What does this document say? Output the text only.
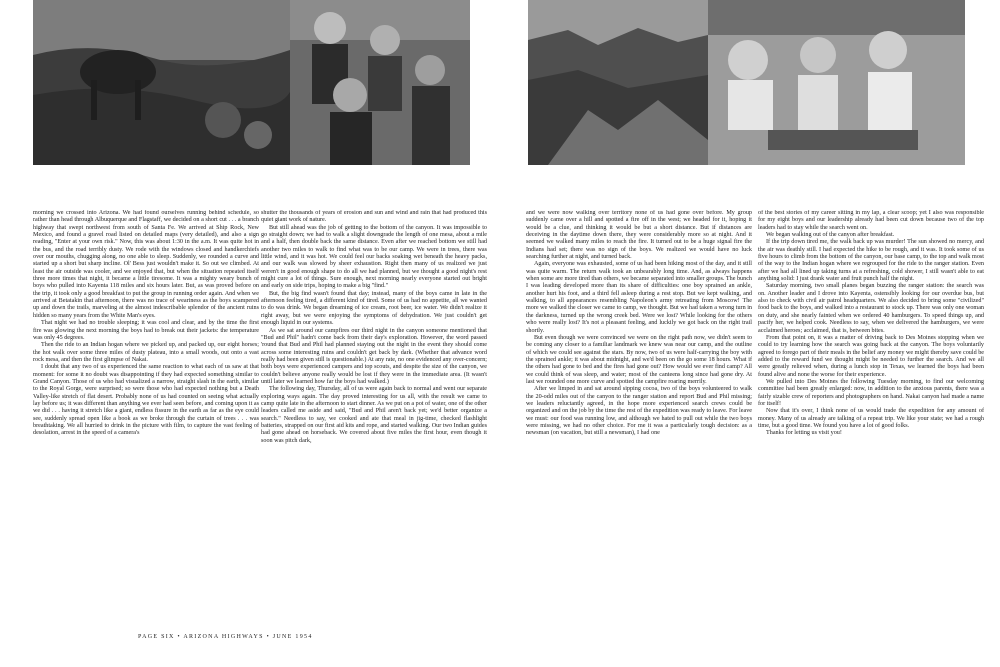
morning we crossed into Arizona. We had found ourselves running behind schedule, so rather than head through Albuquerque and Flagstaff, we decided on a short cut . . . a branch highway that swept northwest from south of Santa Fe. We arrived at Ship Rock, New Mexico, and found a gravel road listed on detailed maps (very detailed), and also a sign reading, "Enter at your own risk." Now, this was about 1:30 in the a.m. It was quite hot in the bus, and the road terribly dusty. We rode with the windows closed and handkerchiefs over our mouths, chugging along, no one able to sleep. Suddenly, we rounded a curve and started up a short but sharp incline. Ol' Bess just wouldn't make it. So out we climbed. At least the air outside was cooler, and we enjoyed that, but when the situation repeated itself three more times that night, it became a little tiresome. It was a mighty weary bunch of boys who pulled into Kayenta 118 miles and six hours later. But, as was proved before on the trip, it took only a good breakfast to put the group in running order again. And when we arrived at Betatakin that afternoon, there was no trace of weariness as the boys scampered up and down the trails, marveling at the almost indescribable splendor of the ancient ruins hidden so many years from the White Man's eyes.

That night we had no trouble sleeping; it was cool and clear, and by the time the first fire was glowing the next morning the boys had to break out their jackets: the temperature was only 45 degrees.

Then the ride to an Indian hogan where we picked up, and packed up, our eight horses; the hot walk over some three miles of dusty plateau, into a small woods, out onto a vast rock mesa, and then the first glimpse of Nakai.

I doubt that any two of us experienced the same reaction to what each of us saw at that moment: for some it no doubt was disappointing if they had expected something similar to Grand Canyon. Those of us who had visualized a narrow, straight slash in the earth, similar to the Royal Gorge, were surprised; so were those who had expected nothing but a Death Valley-like stretch of flat desert. Probably none of us had counted on seeing what actually lay before us; it was different than anything we ever had seen before, and coming upon it as we did . . . having it stretch like a giant, endless fissure in the earth as far as the eye could see, suddenly spread open like a book as we broke through the curtain of trees . . . was breathtaking. We all hurried to drink in the picture with film, to capture the vast feeling of desolation, arrest in the speed of a camera's

shutter the thousands of years of erosion and sun and wind and rain that had produced this quiet giant work of nature.

But still ahead was the job of getting to the bottom of the canyon. It was impossible to go straight down; we had to walk a slight downgrade the length of one mesa, about a mile and a half, then double back the same distance. Even after we reached bottom we still had another two miles to walk to find what was to be our camp. We were in trees, there was little wind, and it was hot. We could feel our backs soaking wet beneath the heavy packs, and our walk was slowed by sheer exhaustion. Right then many of us realized we just weren't in good enough shape to do all we had planned, but we thought a good night's rest might cure a lot of things. Sure enough, next morning nearly everyone started out bright and early on side trips, hoping to make a big "find."

But, the big find wasn't found that day; instead, many of the boys came in late in the afternoon feeling tired, a different kind of tired. Some of us had no appetite, all we wanted to do was drink. We began dreaming of ice cream, root beer, ice water. We didn't realize it right away, but we were enjoying the symptoms of dehydration. We just couldn't get enough liquid in our systems.

As we sat around our campfires our third night in the canyon someone mentioned that "Bud and Phil" hadn't come back from their day's exploration. However, the word passed 'round that Bud and Phil had planned staying out the night in the event they should come across some interesting ruins and couldn't get back by dark. (Whether that advance word really had been given still is questionable.) At any rate, no one evidenced any over-concern; both boys were experienced campers and top scouts, and despite the size of the canyon, we couldn't believe anyone really would be lost if they were in the immediate area. (It wasn't until later we learned how far the boys had walked.)

The following day, Thursday, all of us were again back to normal and went our separate exploring ways again. The day proved interesting for us all, with the result we came to camp quite late in the afternoon to start dinner. As we put on a pot of water, one of the other leaders called me aside and said, "Bud and Phil aren't back yet; we'd better organize a search." Needless to say, we cooked and ate that meal in jig-time, checked flashlight batteries, strapped on our first aid kits and rope, and started walking. Our two Indian guides had gone ahead on horseback. We covered about five miles the first hour, even though it soon was pitch dark,

and we were now walking over territory none of us had gone over before. My group suddenly came over a hill and spotted a fire off in the west; we headed for it, hoping it would be a clue, and thinking it would be but a short distance. But if distances are deceiving in the daytime down there, they were considerably more so at night. And it seemed we walked many miles to reach the fire. It turned out to be a huge signal fire the Indians had set; there was no sign of the boys. We realized we would have no luck searching further at night, and turned back.

Again, everyone was exhausted, some of us had been hiking most of the day, and it still was quite warm. The return walk took an unbearably long time. And, as always happens when some are more tired than others, we became separated into smaller groups. The bunch I was leading developed more than its share of difficulties: one boy sprained an ankle, another hurt his foot, and a third fell asleep during a rest stop. But we kept walking, and walking, to all appearances resembling Napoleon's army retreating from Moscow! The more we walked the closer we came to camp, we thought. But we had taken a wrong turn in the darkness, turned up the wrong creek bed. Were we lost? While looking for the others who were really lost? It's not a pleasant feeling, and luckily we got back on the right trail shortly.

But even though we were convinced we were on the right path now, we didn't seem to be coming any closer to a familiar landmark we knew was near our camp, and the outline of which we could see against the stars. By now, two of us were half-carrying the boy with the sprained ankle; it was about midnight, and we'd been on the go some 18 hours. What if the others had gone to bed and the fires had gone out? How would we ever find camp? All we could think of was sleep, and water; most of the canteens long since had gone dry. At last we rounded one more curve and spotted the campfire roaring merrily.

After we limped in and sat around sipping cocoa, two of the boys volunteered to walk the 20-odd miles out of the canyon to the ranger station and report Bud and Phil missing; we leaders reluctantly agreed, in the hope more experienced search crews could be organized and on the job by the time the rest of the expedition was ready to leave. For leave we must: our food was running low, and although we hated to pull out while the two boys were missing, we had no other choice. For me it was a particularly tough decision: as a newsman (on vacation, but still a newsman), I had one

of the best stories of my career sitting in my lap, a clear scoop; yet I also was responsible for my eight boys and our leadership already had been cut down because two of the top leaders had to stay while the search went on.

We began walking out of the canyon after breakfast.

If the trip down tired me, the walk back up was murder! The sun showed no mercy, and the air was deathly still. I had expected the hike to be rough, and it was. It took some of us five hours to climb from the bottom of the canyon, our base camp, to the top and walk most of the way to the Indian hogan where we regrouped for the ride to the ranger station. Even after we had all lined up taking turns at a refreshing, cold shower, I still wasn't able to eat anything solid: I just drank water and fruit punch half the night.

Saturday morning, two small planes began buzzing the ranger station: the search was on. Another leader and I drove into Kayenta, ostensibly looking for our overdue bus, but also to check with civil air patrol headquarters. We also decided to bring some "civilized" food back to the boys, and walked into a restaurant to stock up. There was only one woman on duty, and she nearly fainted when we ordered 40 hamburgers. To speed things up, and pacify her, we helped cook. Needless to say, when we delivered the hamburgers, we were acclaimed heroes; acclaimed, that is, between bites.

From that point on, it was a matter of driving back to Des Moines stopping when we could to try learning how the search was going back at the canyon. The boys voluntarily agreed to forego part of their meals in the belief any money we might thereby save could be added to the reward fund we thought might be needed to further the search. And we all were greatly relieved when, during a lunch stop in Texas, we learned the boys had been found alive and none the worse for their experience.

We pulled into Des Moines the following Tuesday morning, to find our welcoming committee had been greatly enlarged: now, in addition to the anxious parents, there was a fairly sizable crew of reporters and photographers on hand. Nakai canyon had made a name for itself!

Now that it's over, I think none of us would trade the expedition for any amount of money. Many of us already are talking of a repeat trip. We like your state; we had a rough time, but a good time. We found you have a lot of good folks.

Thanks for letting us visit you!

PAGE SIX • ARIZONA HIGHWAYS • JUNE 1954
